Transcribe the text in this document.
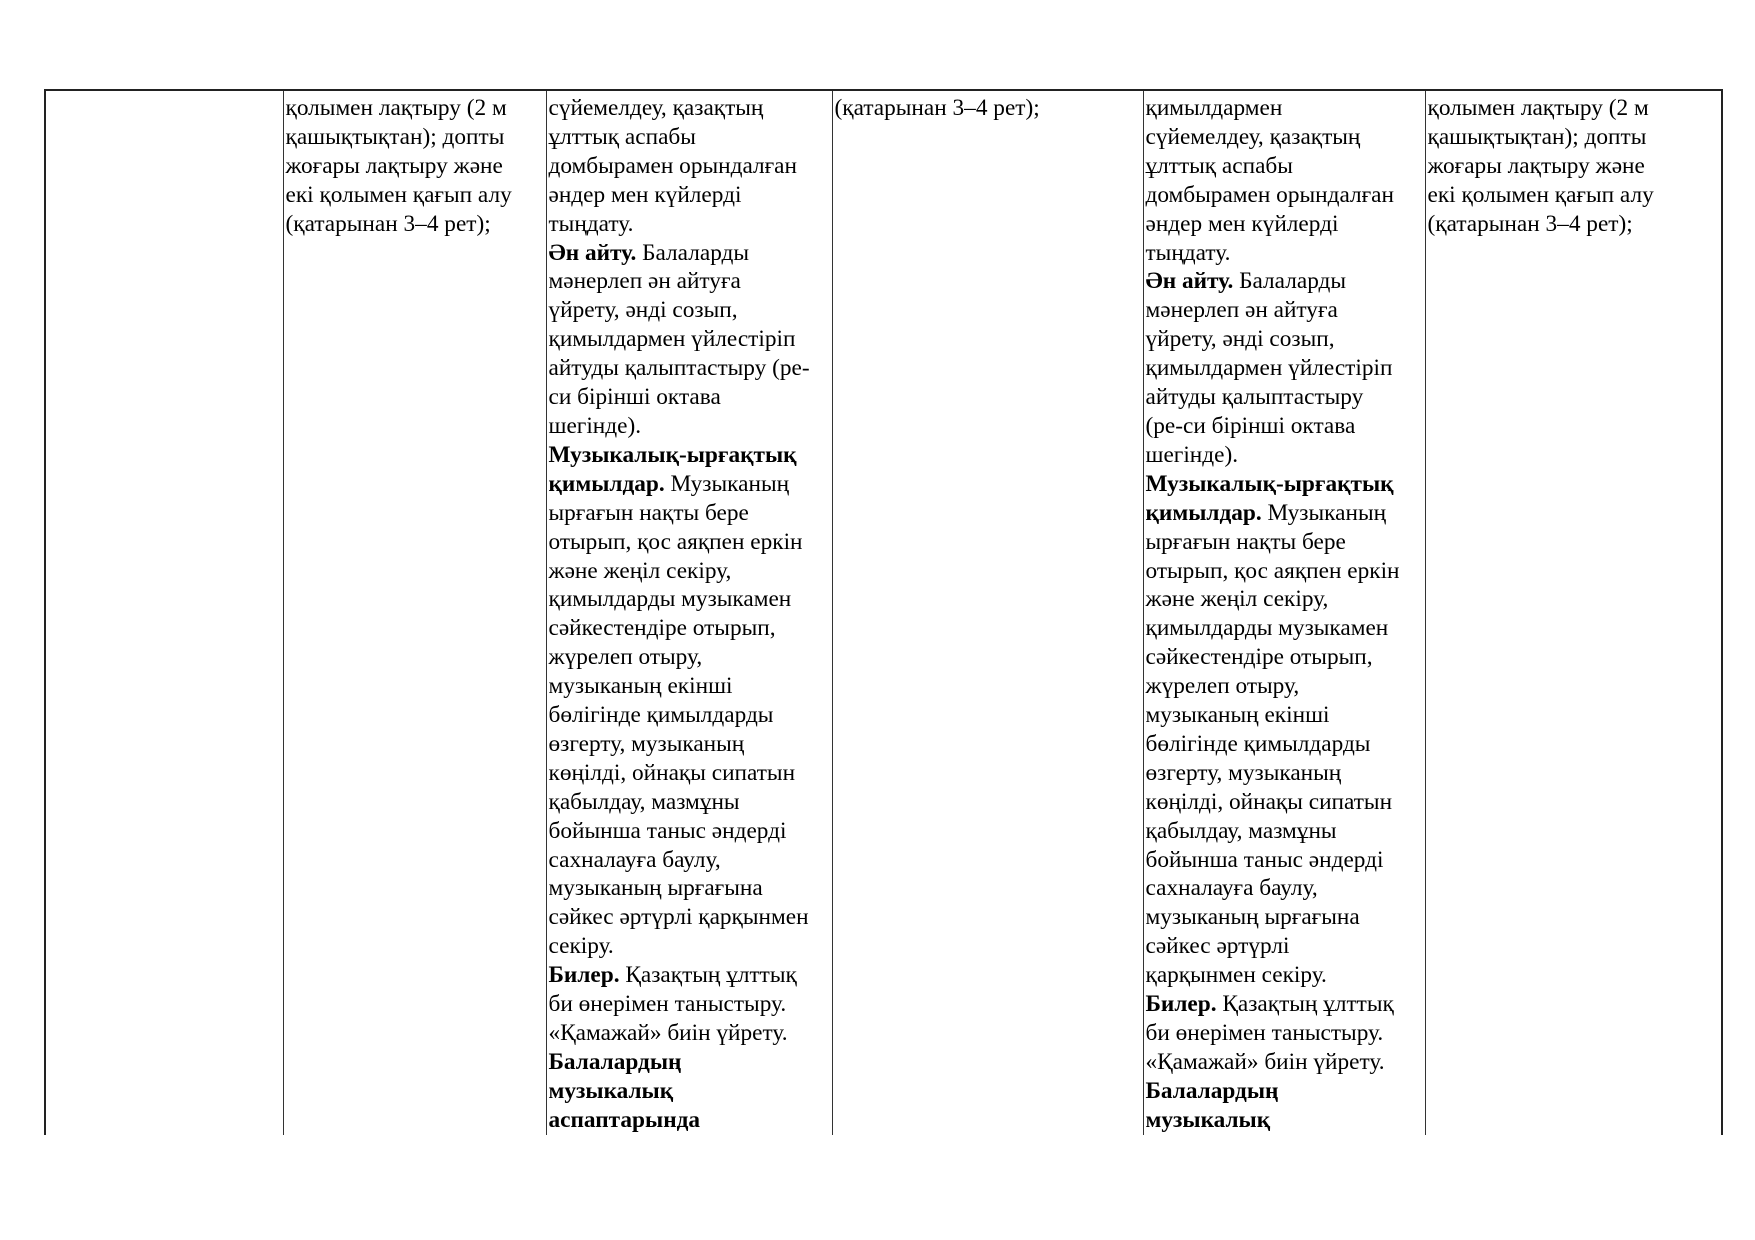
	қолымен лақтыру (2 м
қашықтықтан); допты
жоғары лақтыру және
екі қолымен қағып алу
(қатарынан 3–4 рет);	сүйемелдеу, қазақтың
ұлттық аспабы
домбырамен орындалған
әндер мен күйлерді
тыңдату.
Ән айту. Балаларды
мәнерлеп ән айтуға
үйрету, әнді созып,
қимылдармен үйлестіріп
айтуды қалыптастыру (ре-
си бірінші октава
шегінде).
Музыкалық-ырғақтық
қимылдар. Музыканың
ырғағын нақты бере
отырып, қос аяқпен еркін
және жеңіл секіру,
қимылдарды музыкамен
сәйкестендіре отырып,
жүрелеп отыру,
музыканың екінші
бөлігінде қимылдарды
өзгерту, музыканың
көңілді, ойнақы сипатын
қабылдау, мазмұны
бойынша таныс әндерді
сахналауға баулу,
музыканың ырғағына
сәйкес әртүрлі қарқынмен
секіру.
Билер. Қазақтың ұлттық
би өнерімен таныстыру.
«Қамажай» биін үйрету.
Балалардың
музыкалық
аспаптарында	(қатарынан 3–4 рет);	қимылдармен
сүйемелдеу, қазақтың
ұлттық аспабы
домбырамен орындалған
әндер мен күйлерді
тыңдату.
Ән айту. Балаларды
мәнерлеп ән айтуға
үйрету, әнді созып,
қимылдармен үйлестіріп
айтуды қалыптастыру
(ре-си бірінші октава
шегінде).
Музыкалық-ырғақтық
қимылдар. Музыканың
ырғағын нақты бере
отырып, қос аяқпен еркін
және жеңіл секіру,
қимылдарды музыкамен
сәйкестендіре отырып,
жүрелеп отыру,
музыканың екінші
бөлігінде қимылдарды
өзгерту, музыканың
көңілді, ойнақы сипатын
қабылдау, мазмұны
бойынша таныс әндерді
сахналауға баулу,
музыканың ырғағына
сәйкес әртүрлі
қарқынмен секіру.
Билер. Қазақтың ұлттық
би өнерімен таныстыру.
«Қамажай» биін үйрету.
Балалардың
музыкалық	қолымен лақтыру (2 м
қашықтықтан); допты
жоғары лақтыру және
екі қолымен қағып алу
(қатарынан 3–4 рет);
